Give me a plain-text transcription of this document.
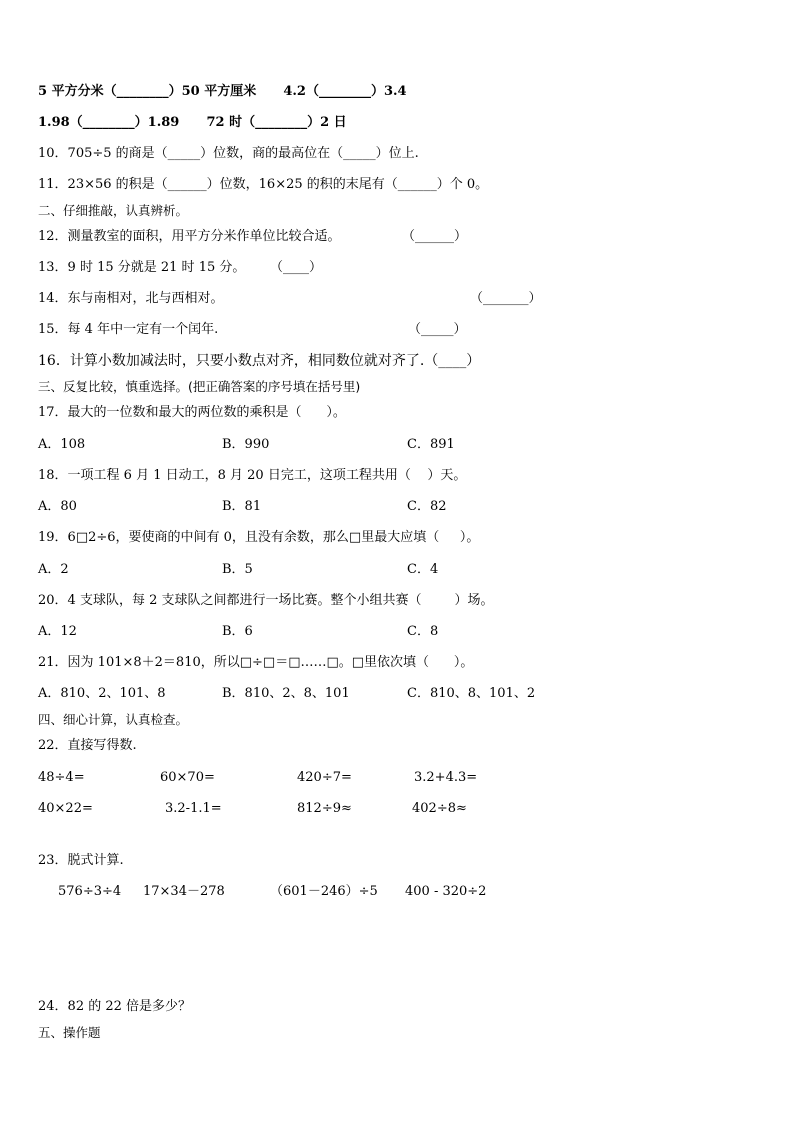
5 平方分米（________）50 平方厘米      4.2（________）3.4
1.98（________）1.89      72 时（________）2 日
10．705÷5 的商是（_____）位数，商的最高位在（_____）位上.
11．23×56 的积是（______）位数，16×25 的积的末尾有（______）个 0。
二、仔细推敲，认真辨析。
12．测量教室的面积，用平方分米作单位比较合适。	（______）
13．9 时 15 分就是 21 时 15 分。 （____）
14．东与南相对，北与西相对。	（_______）
15．每 4 年中一定有一个闰年.	（_____）
16．计算小数加减法时，只要小数点对齐，相同数位就对齐了.（____）
三、反复比较，慎重选择。(把正确答案的序号填在括号里)
17．最大的一位数和最大的两位数的乘积是（      ）。
A．108	B．990	C．891
18．一项工程 6 月 1 日动工，8 月 20 日完工，这项工程共用（    ）天。
A．80	B．81	C．82
19．6□2÷6，要使商的中间有 0，且没有余数，那么□里最大应填（     ）。
A．2	B．5	C．4
20．4 支球队，每 2 支球队之间都进行一场比赛。整个小组共赛（        ）场。
A．12	B．6	C．8
21．因为 101×8＋2＝810，所以□÷□＝□……□。□里依次填（      ）。
A．810、2、101、8	B．810、2、8、101	C．810、8、101、2
四、细心计算，认真检查。
22．直接写得数.
48÷4=	60×70=	420÷7=	3.2+4.3=
40×22=	3.2-1.1=	812÷9≈	402÷8≈
23．脱式计算.
576÷3÷4 17×34－278	（601－246）÷5 400 - 320÷2
24．82 的 22 倍是多少？
五、操作题
